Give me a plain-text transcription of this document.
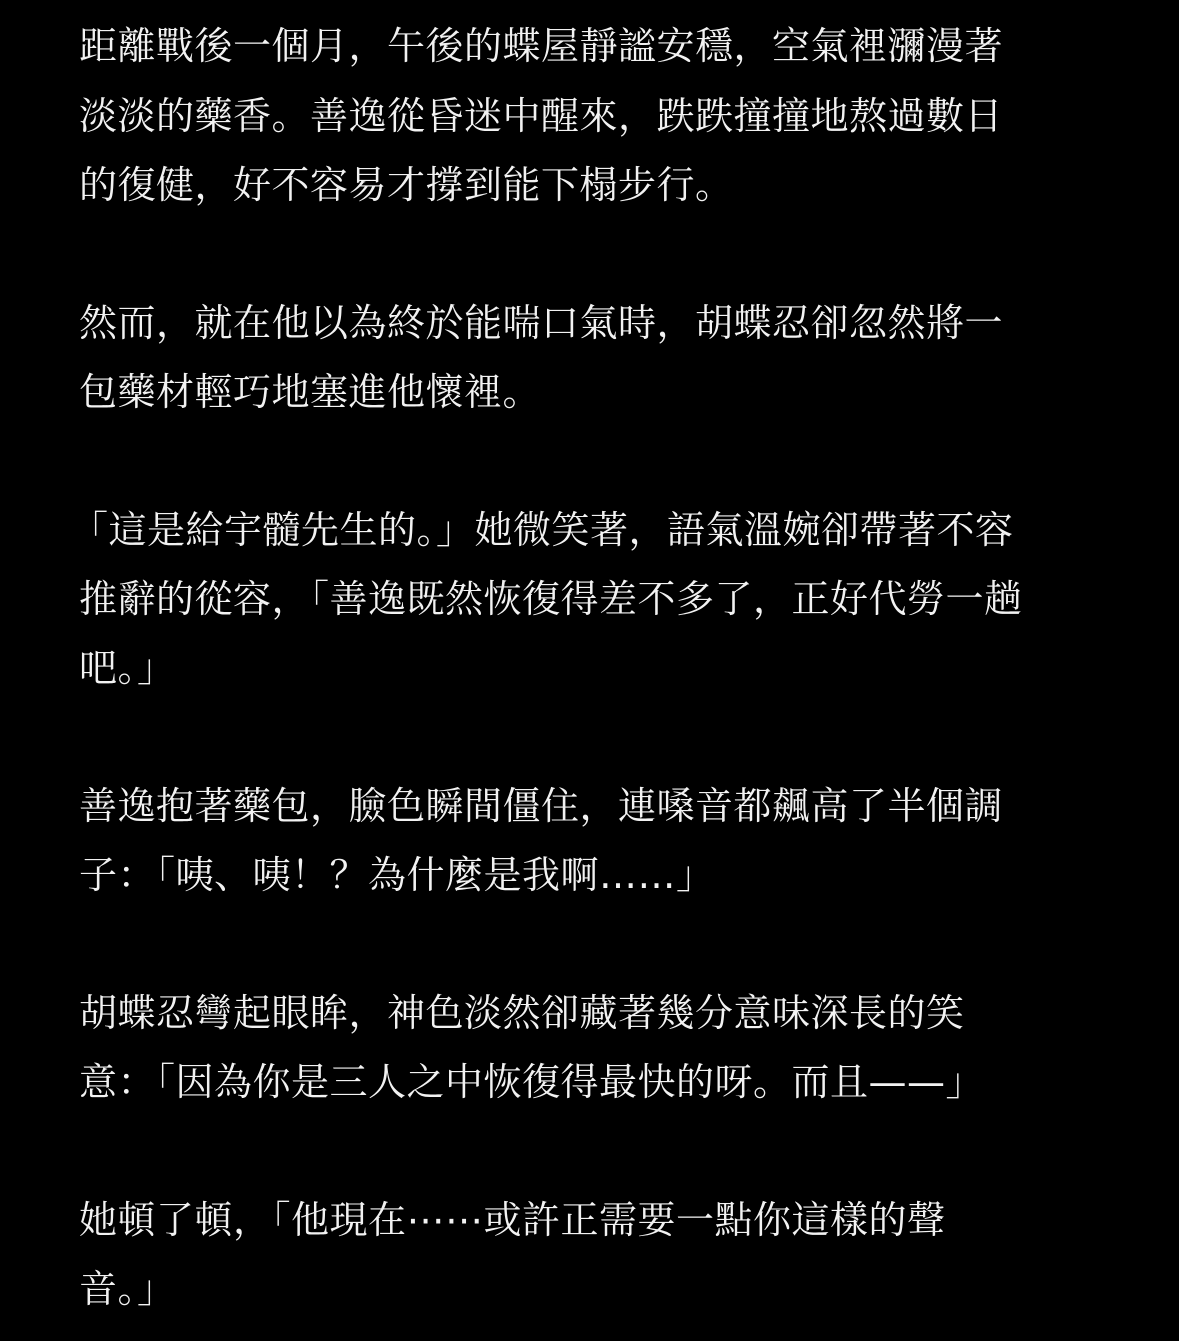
距離戰後一個月，午後的蝶屋靜謐安穩，空氣裡瀰漫著
淡淡的藥香。善逸從昏迷中醒來，跌跌撞撞地熬過數日
的復健，好不容易才撐到能下榻步行。
然而，就在他以為終於能喘口氣時，胡蝶忍卻忽然將一
包藥材輕巧地塞進他懷裡。
「這是給宇髓先生的。」她微笑著，語氣溫婉卻帶著不容
推辭的從容，「善逸既然恢復得差不多了，正好代勞一趟
吧。」
善逸抱著藥包，臉色瞬間僵住，連嗓音都飆高了半個調
子：「咦、咦！？為什麼是我啊……」
胡蝶忍彎起眼眸，神色淡然卻藏著幾分意味深長的笑
意：「因為你是三人之中恢復得最快的呀。而且——」
她頓了頓，「他現在⋯⋯或許正需要一點你這樣的聲
音。」
